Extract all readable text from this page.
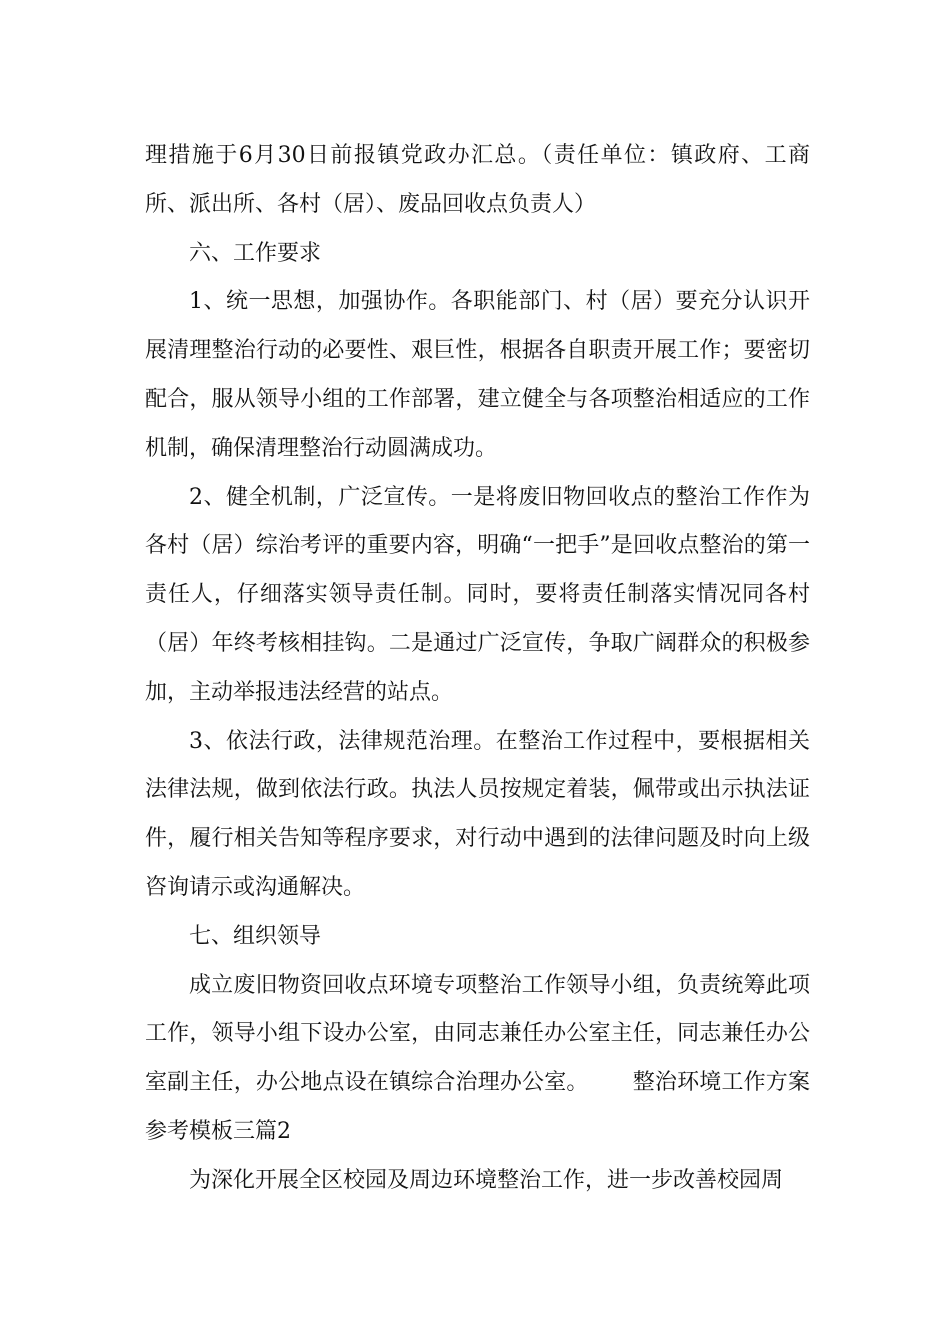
理措施于6月30日前报镇党政办汇总。（责任单位：镇政府、工商所、派出所、各村（居）、废品回收点负责人）

六、工作要求

1、统一思想，加强协作。各职能部门、村（居）要充分认识开展清理整治行动的必要性、艰巨性，根据各自职责开展工作；要密切配合，服从领导小组的工作部署，建立健全与各项整治相适应的工作机制，确保清理整治行动圆满成功。

2、健全机制，广泛宣传。一是将废旧物回收点的整治工作作为各村（居）综治考评的重要内容，明确“一把手”是回收点整治的第一责任人，仔细落实领导责任制。同时，要将责任制落实情况同各村（居）年终考核相挂钩。二是通过广泛宣传，争取广阔群众的积极参加，主动举报违法经营的站点。

3、依法行政，法律规范治理。在整治工作过程中，要根据相关法律法规，做到依法行政。执法人员按规定着装，佩带或出示执法证件，履行相关告知等程序要求，对行动中遇到的法律问题及时向上级咨询请示或沟通解决。

七、组织领导

成立废旧物资回收点环境专项整治工作领导小组，负责统筹此项工作，领导小组下设办公室，由同志兼任办公室主任，同志兼任办公室副主任，办公地点设在镇综合治理办公室。 整治环境工作方案参考模板三篇2

为深化开展全区校园及周边环境整治工作，进一步改善校园周
